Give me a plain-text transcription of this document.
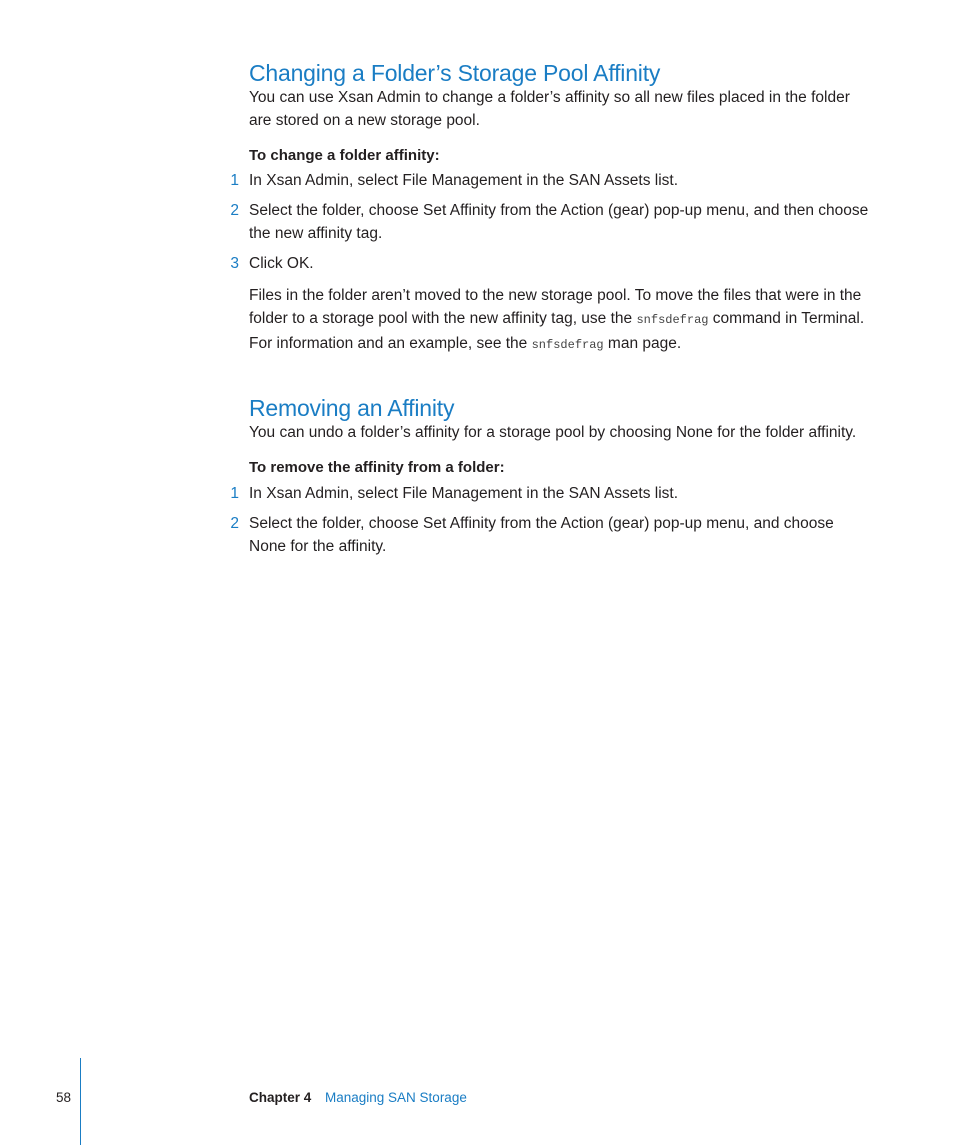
Changing a Folder’s Storage Pool Affinity

You can use Xsan Admin to change a folder’s affinity so all new files placed in the folder are stored on a new storage pool.

To change a folder affinity:

1 In Xsan Admin, select File Management in the SAN Assets list.

2 Select the folder, choose Set Affinity from the Action (gear) pop-up menu, and then choose the new affinity tag.

3 Click OK.

Files in the folder aren’t moved to the new storage pool. To move the files that were in the folder to a storage pool with the new affinity tag, use the snfsdefrag command in Terminal. For information and an example, see the snfsdefrag man page.

Removing an Affinity

You can undo a folder’s affinity for a storage pool by choosing None for the folder affinity.

To remove the affinity from a folder:

1 In Xsan Admin, select File Management in the SAN Assets list.

2 Select the folder, choose Set Affinity from the Action (gear) pop-up menu, and choose None for the affinity.

58	Chapter 4 Managing SAN Storage
